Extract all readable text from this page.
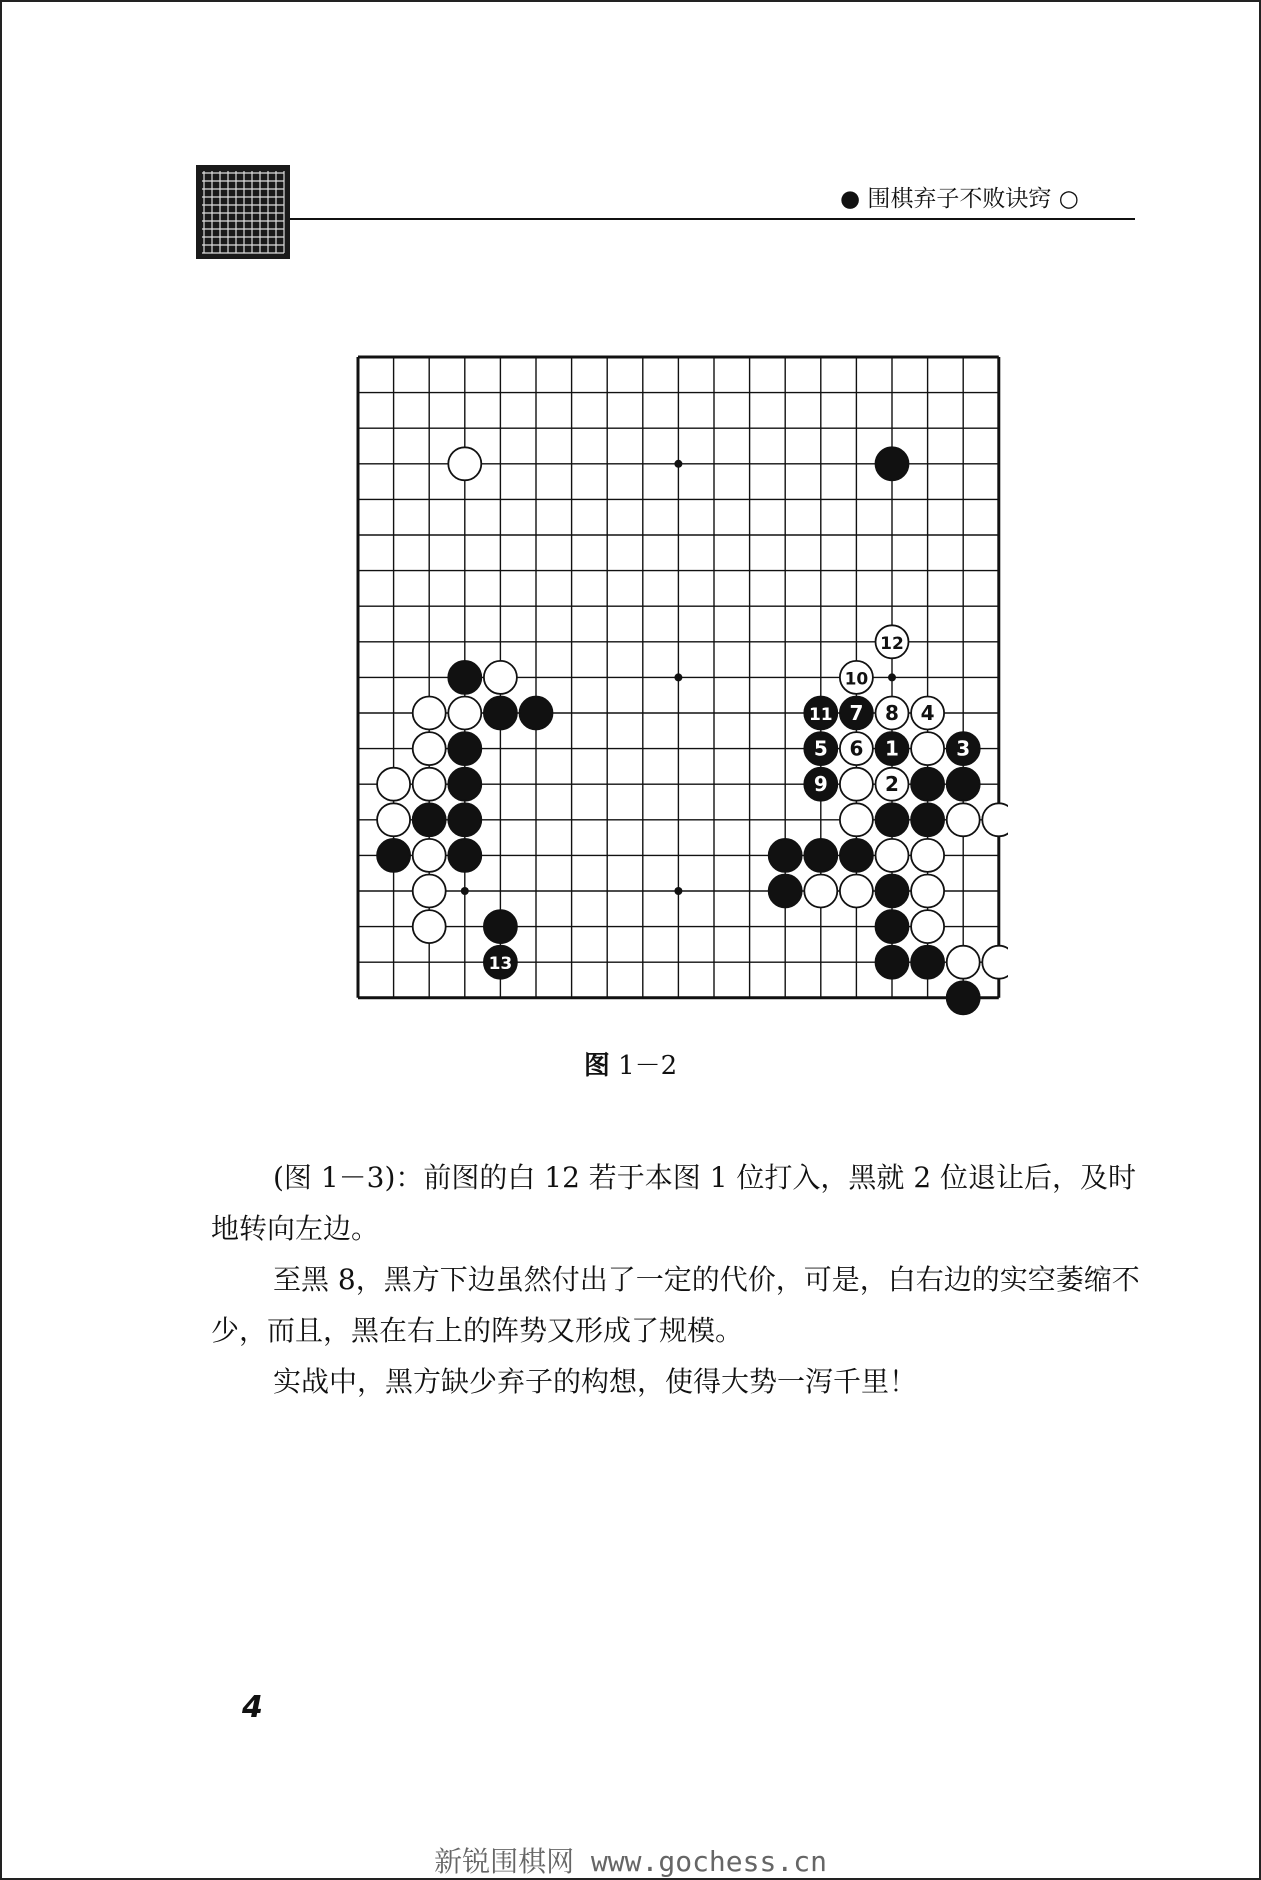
● 围棋弃子不败诀窍 ○
13
12
10
11 7 8 4
5 6 1	3
9	2
图 1－2

(图 1－3)：前图的白 12 若于本图 1 位打入，黑就 2 位退让后，及时地转向左边。

至黑 8，黑方下边虽然付出了一定的代价，可是，白右边的实空萎缩不少，而且，黑在右上的阵势又形成了规模。

实战中，黑方缺少弃子的构想，使得大势一泻千里！

4
新锐围棋网 www.gochess.cn
